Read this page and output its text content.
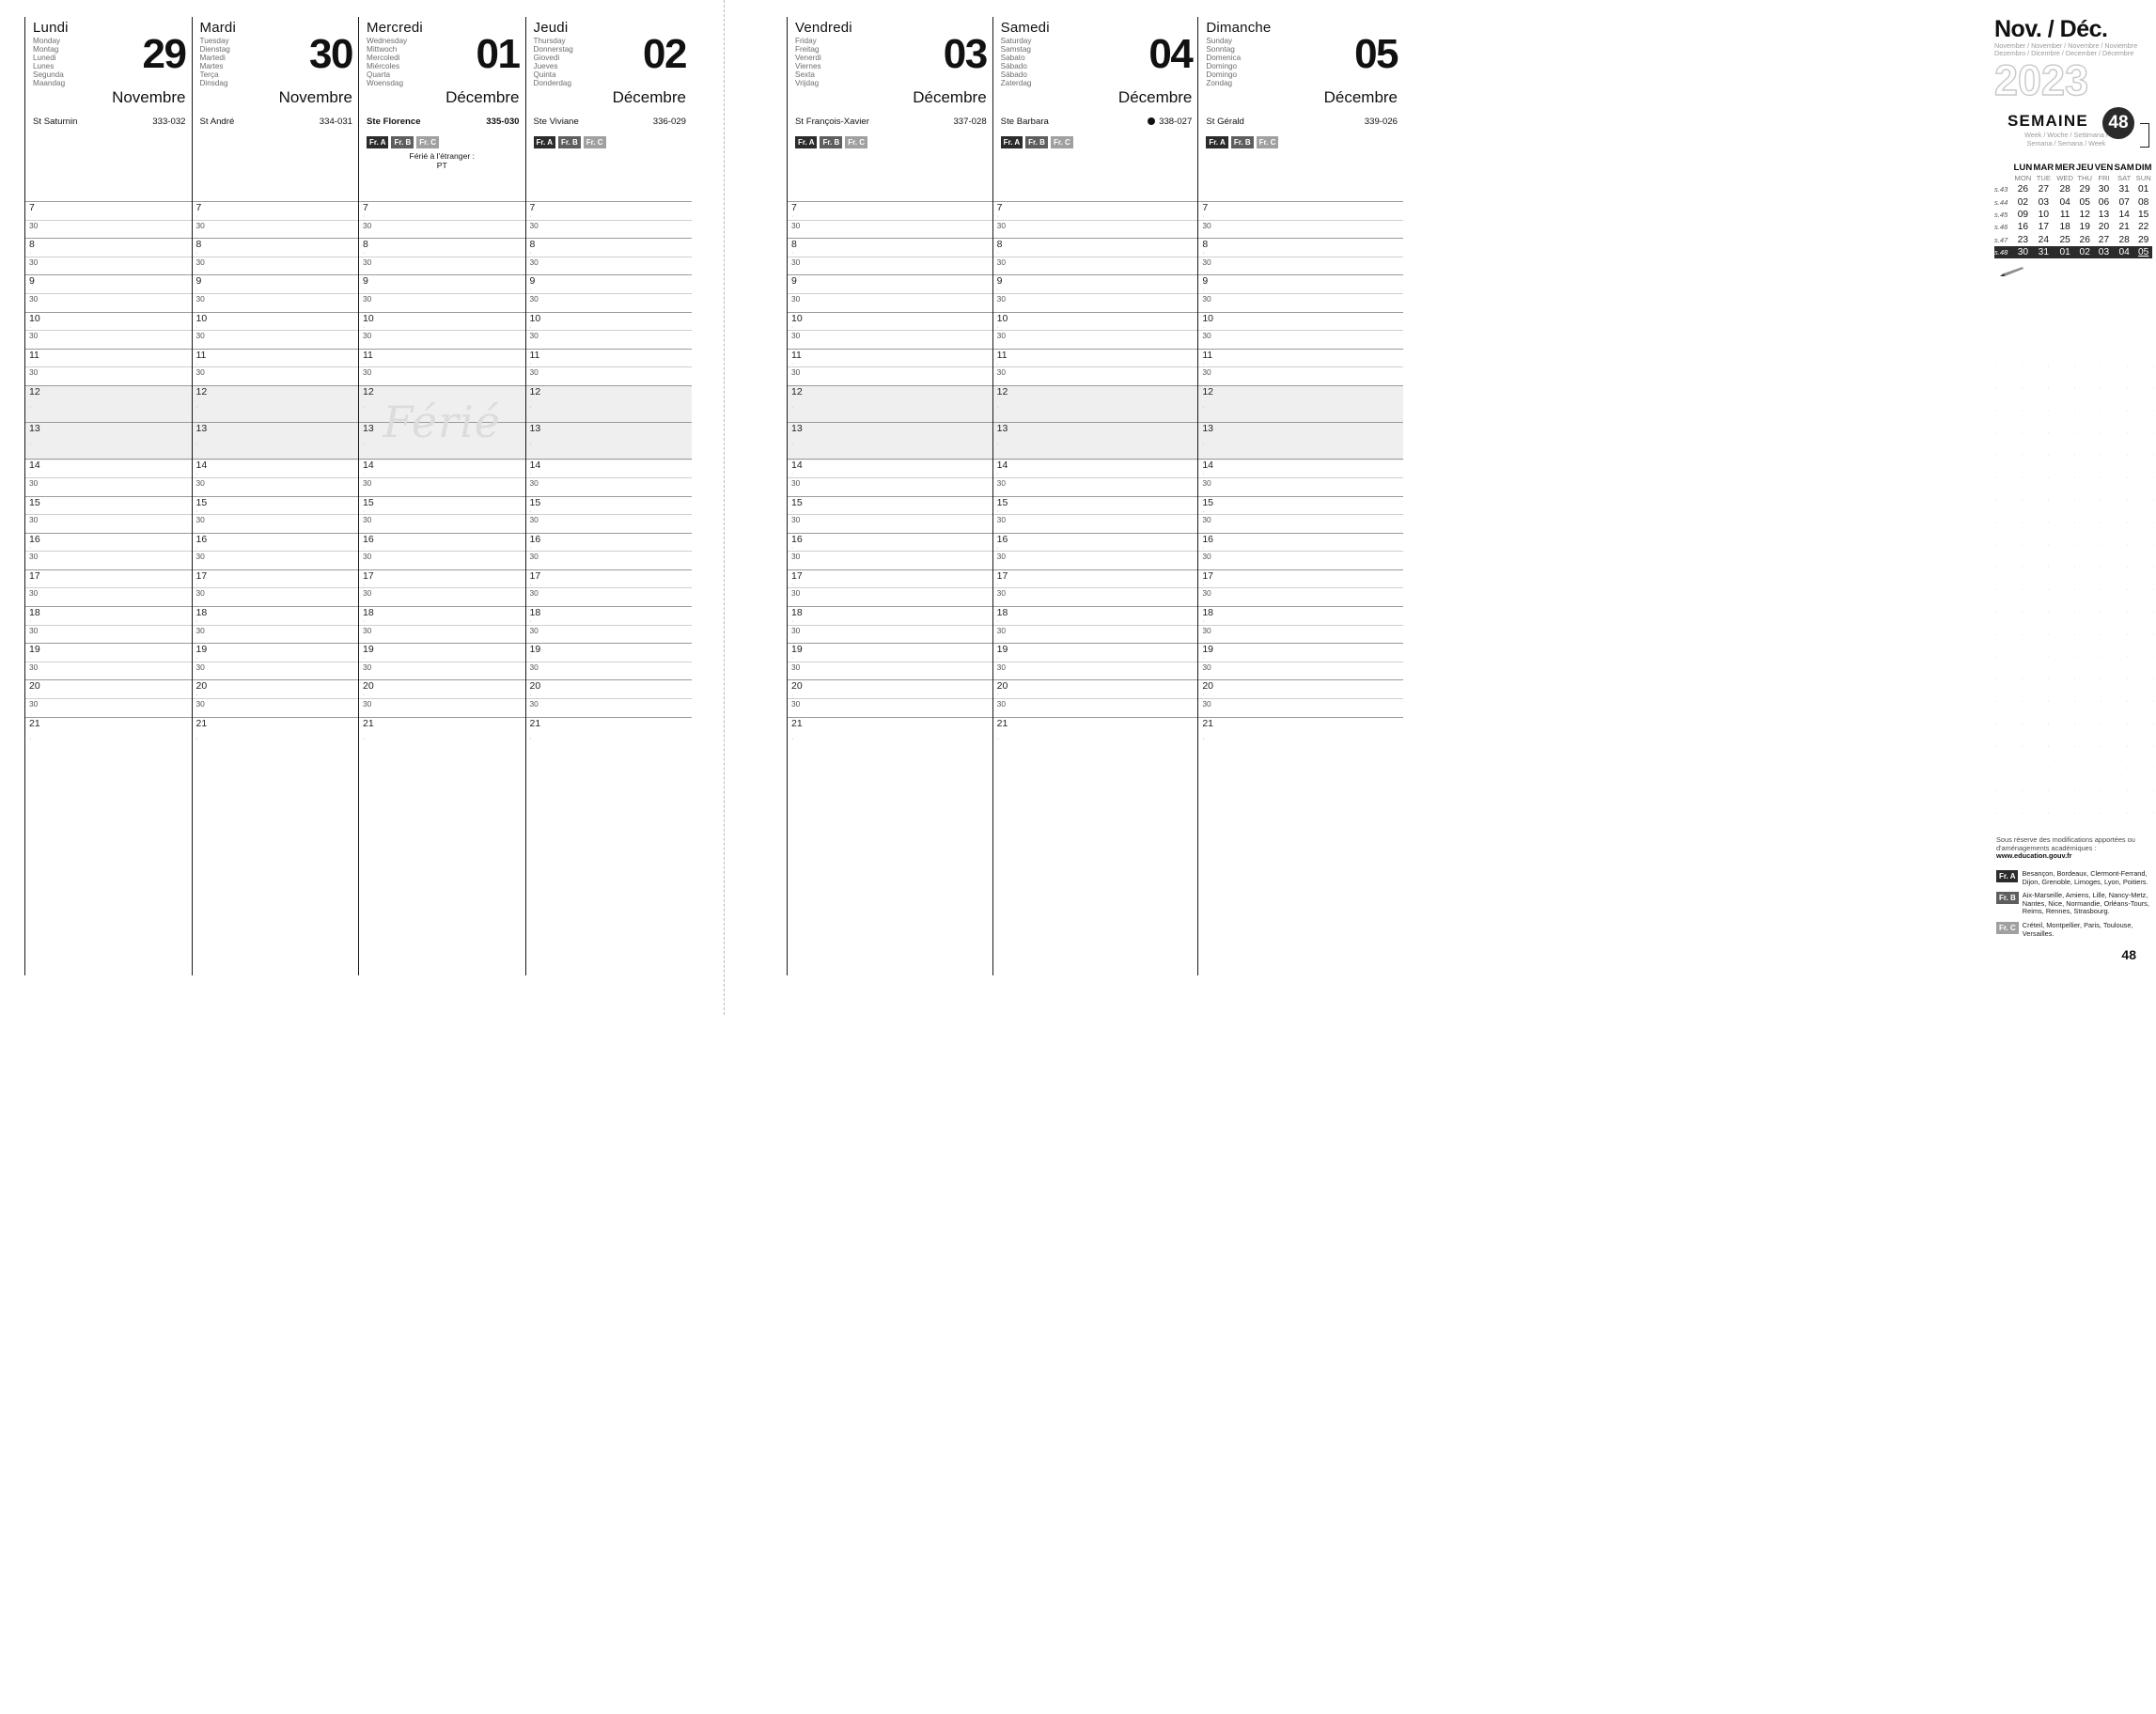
Lundi
Monday
Montag
Lunedi
Lunes
Segunda
Maandag
29
Novembre
St Saturnin	333-032
7
·
30
8
·
30
9
·
30
10
·
30
11
·
30
12
·
13
·
14
·
30
15
·
30
16
·
30
17
·
30
18
·
30
19
·
30
20
·
30
21
·
Mardi
Tuesday
Dienstag
Martedi
Martes
Terça
Dinsdag
30
Novembre
St André	334-031
7
·
30
8
·
30
9
·
30
10
·
30
11
·
30
12
·
13
·
14
·
30
15
·
30
16
·
30
17
·
30
18
·
30
19
·
30
20
·
30
21
·
Mercredi
Wednesday
Mittwoch
Mercoledi
Miércoles
Quarta
Woensdag
01
Décembre
Ste Florence	335-030
Fr. A Fr. B Fr. C
Férié à l'étranger :
PT
7
·
30
8
·
30
9
·
30
10
·
30
11
·
30
12
·
13
·
14
·
30
15
·
30
16
·
30
17
·
30
18
·
30
19
·
30
20
·
30
21
·
Férié
Jeudi
Thursday
Donnerstag
Giovedi
Jueves
Quinta
Donderdag
02
Décembre
Ste Viviane	336-029
Fr. A Fr. B Fr. C
7
·
30
8
·
30
9
·
30
10
·
30
11
·
30
12
·
13
·
14
·
30
15
·
30
16
·
30
17
·
30
18
·
30
19
·
30
20
·
30
21
·
Vendredi
Friday
Freitag
Venerdi
Viernes
Sexta
Vrijdag
03
Décembre
St François-Xavier	337-028
Fr. A Fr. B Fr. C
7
·
30
8
·
30
9
·
30
10
·
30
11
·
30
12
·
13
·
14
·
30
15
·
30
16
·
30
17
·
30
18
·
30
19
·
30
20
·
30
21
·
Samedi
Saturday
Samstag
Sabato
Sábado
Sábado
Zaterdag
04
Décembre
Ste Barbara	338-027
Fr. A Fr. B Fr. C
7
·
30
8
·
30
9
·
30
10
·
30
11
·
30
12
·
13
·
14
·
30
15
·
30
16
·
30
17
·
30
18
·
30
19
·
30
20
·
30
21
·
Dimanche
Sunday
Sonntag
Domenica
Domingo
Domingo
Zondag
05
Décembre
St Gérald	339-026
Fr. A Fr. B Fr. C
7
·
30
8
·
30
9
·
30
10
·
30
11
·
30
12
·
13
·
14
·
30
15
·
30
16
·
30
17
·
30
18
·
30
19
·
30
20
·
30
21
·
Nov. / Déc.
November / November / Novembre / Noviembre
Dezembro / Dicembre / December / Décembre
2023
SEMAINE	48
Week / Woche / Settimana /
Semana / Semana / Week
	LUN	MAR	MER	JEU	VEN	SAM	DIM
	MON	TUE	WED	THU	FRI	SAT	SUN
s.43	26	27	28	29	30	31	01
s.44	02	03	04	05	06	07	08
s.45	09	10	11	12	13	14	15
s.46	16	17	18	19	20	21	22
s.47	23	24	25	26	27	28	29
s.48	30	31	01	02	03	04	05
·	·	·	·	·	·	·
·	·	·	·	·	·	·
·	·	·	·	·	·	·
·	·	·	·	·	·	·
·	·	·	·	·	·	·
·	·	·	·	·	·	·
·	·	·	·	·	·	·
·	·	·	·	·	·	·
·	·	·	·	·	·	·
·	·	·	·	·	·	·
·	·	·	·	·	·	·
·	·	·	·	·	·	·
·	·	·	·	·	·	·
·	·	·	·	·	·	·
·	·	·	·	·	·	·
·	·	·	·	·	·	·
·	·	·	·	·	·	·
·	·	·	·	·	·	·
·	·	·	·	·	·	·
·	·	·	·	·	·	·
·	·	·	·	·	·	·
Sous réserve des modifications apportées ou d'aménagements académiques :
www.education.gouv.fr
Fr. A Besançon, Bordeaux, Clermont-Ferrand, Dijon, Grenoble, Limoges, Lyon, Poitiers.
Fr. B Aix-Marseille, Amiens, Lille, Nancy-Metz, Nantes, Nice, Normandie, Orléans-Tours, Reims, Rennes, Strasbourg.
Fr. C Créteil, Montpellier, Paris, Toulouse, Versailles.
48
